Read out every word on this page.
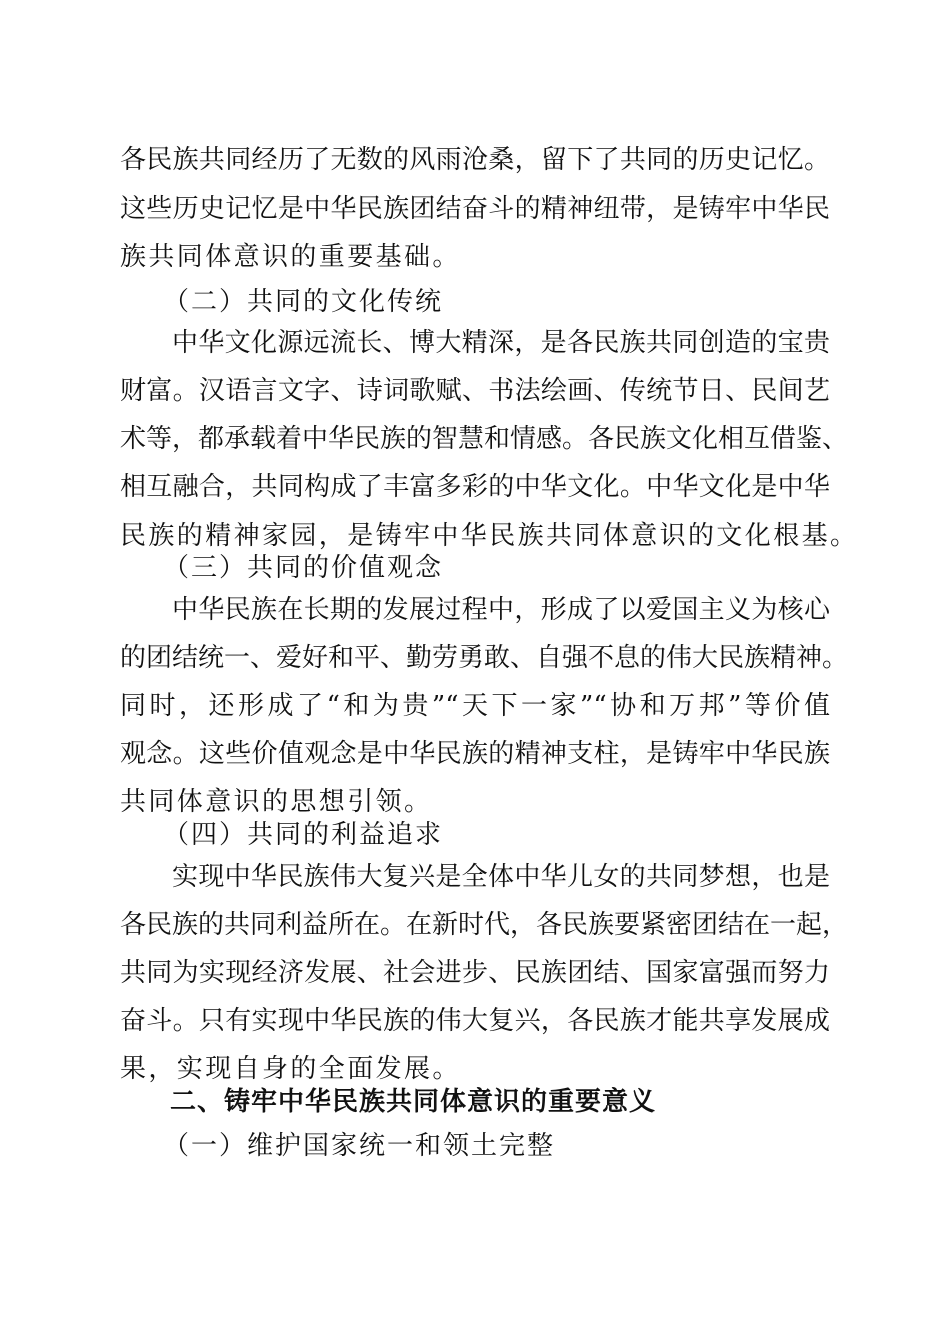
各民族共同经历了无数的风雨沧桑，留下了共同的历史记忆。
这些历史记忆是中华民族团结奋斗的精神纽带，是铸牢中华民
族共同体意识的重要基础。
（二）共同的文化传统
中华文化源远流长、博大精深，是各民族共同创造的宝贵
财富。汉语言文字、诗词歌赋、书法绘画、传统节日、民间艺
术等，都承载着中华民族的智慧和情感。各民族文化相互借鉴、
相互融合，共同构成了丰富多彩的中华文化。中华文化是中华
民族的精神家园，是铸牢中华民族共同体意识的文化根基。
（三）共同的价值观念
中华民族在长期的发展过程中，形成了以爱国主义为核心
的团结统一、爱好和平、勤劳勇敢、自强不息的伟大民族精神。
同时，还形成了“和为贵”“天下一家”“协和万邦”等价值
观念。这些价值观念是中华民族的精神支柱，是铸牢中华民族
共同体意识的思想引领。
（四）共同的利益追求
实现中华民族伟大复兴是全体中华儿女的共同梦想，也是
各民族的共同利益所在。在新时代，各民族要紧密团结在一起，
共同为实现经济发展、社会进步、民族团结、国家富强而努力
奋斗。只有实现中华民族的伟大复兴，各民族才能共享发展成
果，实现自身的全面发展。
二、铸牢中华民族共同体意识的重要意义
（一）维护国家统一和领土完整
